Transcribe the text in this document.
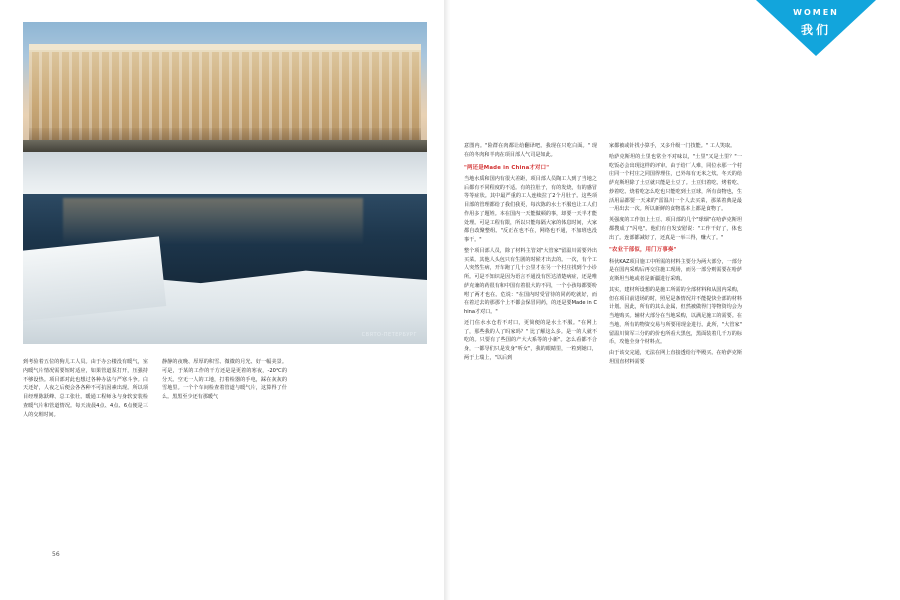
СВЯТО-ПЕТЕРБУРГ
到考验着五位的狗儿工人员。由于办公楼没有暖气，室内暖气片情况需要短时适应，如果管道泵打开，压强持不够设热。项目部对此也想过各种办法与严寒斗争。白天还好，人夜之后便会各各种不可抗因素出现。所以项目经理陈跃峰、总工张壮。暖通工程师永与身软安装检查暖气片和管道情况。每天凌晨4点、4点、6点便是三人的交班时间。
静静的夜晚、厚厚的积雪、微微的月光、好一幅美景。可是，于某的工作的干方还是是更着的寒夜，-20℃的分天。空无一人的工地，打着检器的手电，踩在灰灰的雪地里。一个个车间检查着管道与暖气片，这算得了什么。黑黑至少还有那暖气
56
WOMEN
我们
意图内。"险群在肉都让给翻译吧。我现在只吃白面。" 现在的冬肉和羊肉在项目部人气司是如此。
"两还是Made in China才对口"
当地水质和国内有很大差距，项目部人员陶工人到了当地之后都有不同程度的不适。有的拉肚子，有的发烧，有的感冒等等症状。其中最严重的工人连续拉了2个月肚子。这些项目部的管理都给了我们我更，每次陈的水土不服也让工人们作用多了题姓。本在国内一天能做顿的事，却要一天半才能处理。可是工程有限，所以只能每隔大家的体息时间，大家都自改聚整组。"反正在也不在，网络也不通，不加班也没事干。"
整个项目部人员，除了材料主管刘"大管家"留温川需要外出买菜。其他人头包只有生剧的时候才出去的。一次，有个工人突然生病，开车跑了几十公里才在另一个村庄找到个小诊所。可是不知识是因为语言不通没有医达清楚病症，还是唯萨克兼的药很有和中国有着很大的不同，一个小孩每都要吩咐了两才也在。危说："在国内时受冒待的同药吃就好，而在着过去的那那个上不都会保冒同药，的还是要Made in China才对口。"
还门住水水仓若不对口，更简便的是水土不服。"在网上了，那些我的人了吗家吗？" 比了解这么多。是一的人就不吃的。只要有了些国的产大大系等的小新"。怎么看都不合身，一都导们只是发身"听女"，我的眼睛里，一粒到她口，两于上瑞上，"以后到
家都被或针找小算手，又多升级一门技能。" 工人笑取。
哈萨克斯坦的土里也常全不对味以，"土里"又是土里？"一吃饭必会出现这样的评审。由于给厂人难，同位水那一个村庄同一个村庄之同国得理住，已外每有无米之炊。冬天的给萨克斯坦除了土豆就只能是土豆了。土豆归着吃、烤着吃、炒着吃、烧着吃怎么吃也只能吃到土豆球，所有食物也，生活用品都要一天来的"雷温川一个人去买菜，那菜着典是最一用出去一次。所以新鲜的食物基本上都是食物了。
英强度的工作加上土豆、项目部的几个"球烟"在哈萨克斯坦都搜成了"闪电"。他们有自发安慰说："工作干好了，体也出了。连部都减好了，还真是一举三得，赚大了。"
"农业干部似，用门万事奏"
科伙KAZ项目施工中所需的材料主要分为两大部分，一部分是在国内采购后再交往施工现场，而另一部分则需要在哈萨克斯坦当地或者是新疆进行采购。
其实，建材所设想的是施工所需的全部材料和从国内采购，但在项目前进场的时，照尼是条情况并不能提快全部的材料计划。因此，所有的其么金属，但然被做得门等物资均会为当地购买。辅材大部分在当地采购，以满足施工的需要。在当地，所有的物资交易与所要用现金进行。此所，"大管家" 留温川简军三分的的价也所看大黑包，黑面装着几千万的标币，攻他全身个材料点。
由于该交完通，无法在网上直接透给行毕殿买。在哈萨克斯坦国直材料需要
